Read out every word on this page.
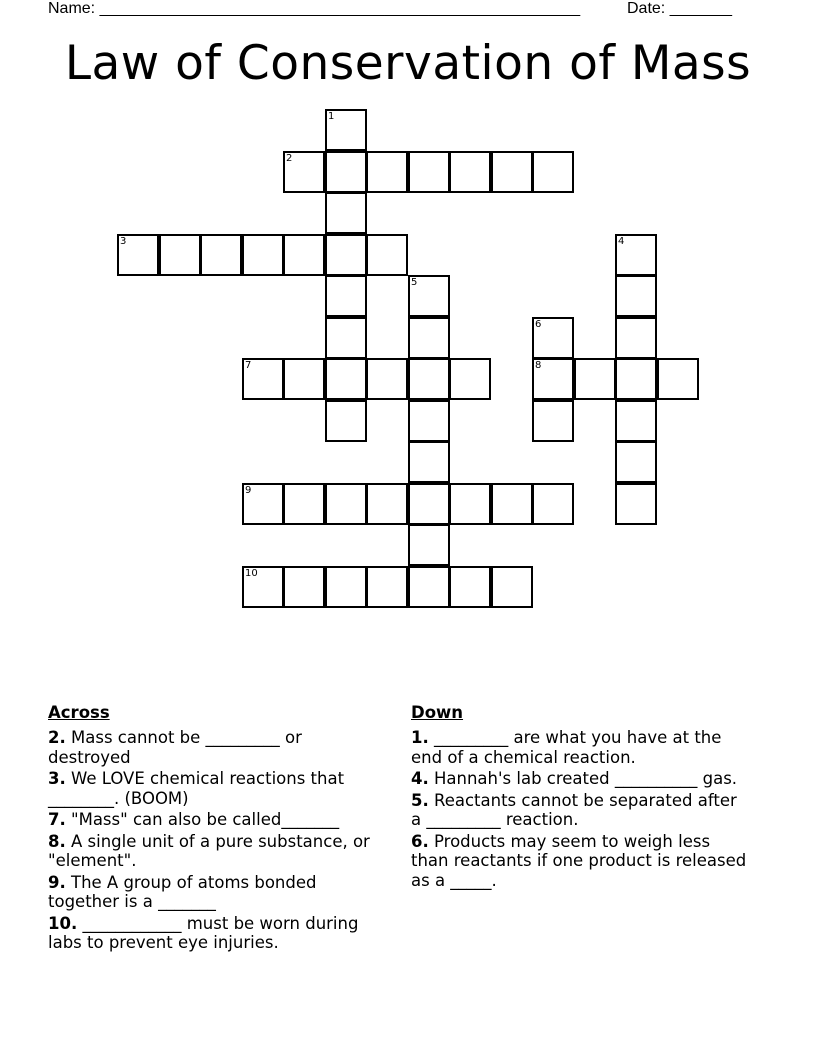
Name: ______________________________________________________	Date: _______
Law of Conservation of Mass
1
2
3	4
5
6
8
7
9
10
Across
2. Mass cannot be _________ or destroyed
3. We LOVE chemical reactions that ________. (BOOM)
7. "Mass" can also be called_______
8. A single unit of a pure substance, or "element".
9. The A group of atoms bonded together is a _______
10. ____________ must be worn during labs to prevent eye injuries.
Down
1. _________ are what you have at the end of a chemical reaction.
4. Hannah's lab created __________ gas.
5. Reactants cannot be separated after a _________ reaction.
6. Products may seem to weigh less than reactants if one product is released as a _____.
